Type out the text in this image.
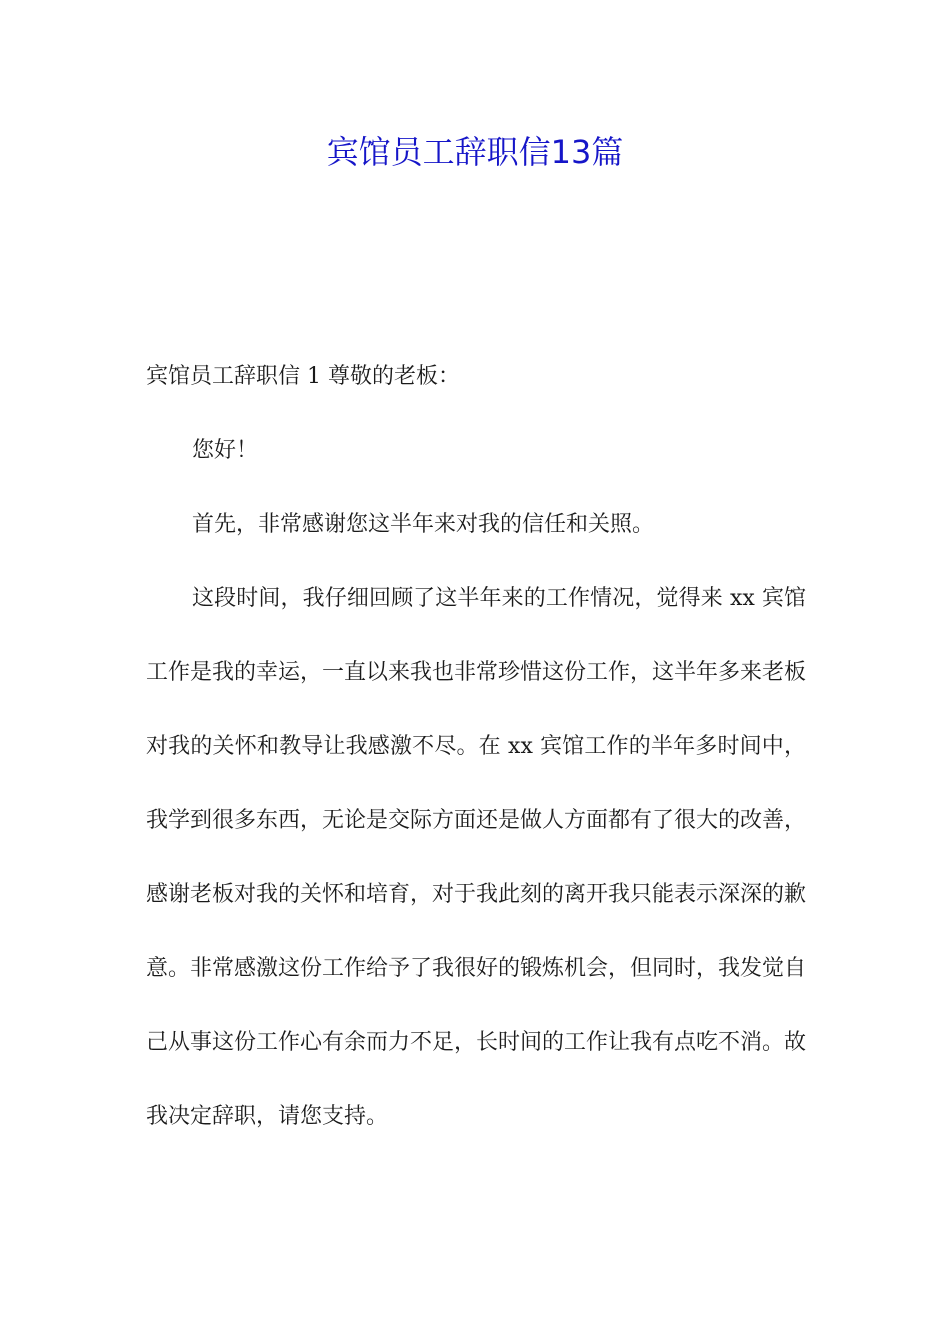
宾馆员工辞职信13篇

宾馆员工辞职信 1 尊敬的老板：

您好！

首先，非常感谢您这半年来对我的信任和关照。

这段时间，我仔细回顾了这半年来的工作情况，觉得来 xx 宾馆工作是我的幸运，一直以来我也非常珍惜这份工作，这半年多来老板对我的关怀和教导让我感激不尽。在 xx 宾馆工作的半年多时间中，我学到很多东西，无论是交际方面还是做人方面都有了很大的改善，感谢老板对我的关怀和培育，对于我此刻的离开我只能表示深深的歉意。非常感激这份工作给予了我很好的锻炼机会，但同时，我发觉自己从事这份工作心有余而力不足，长时间的工作让我有点吃不消。故我决定辞职，请您支持。
